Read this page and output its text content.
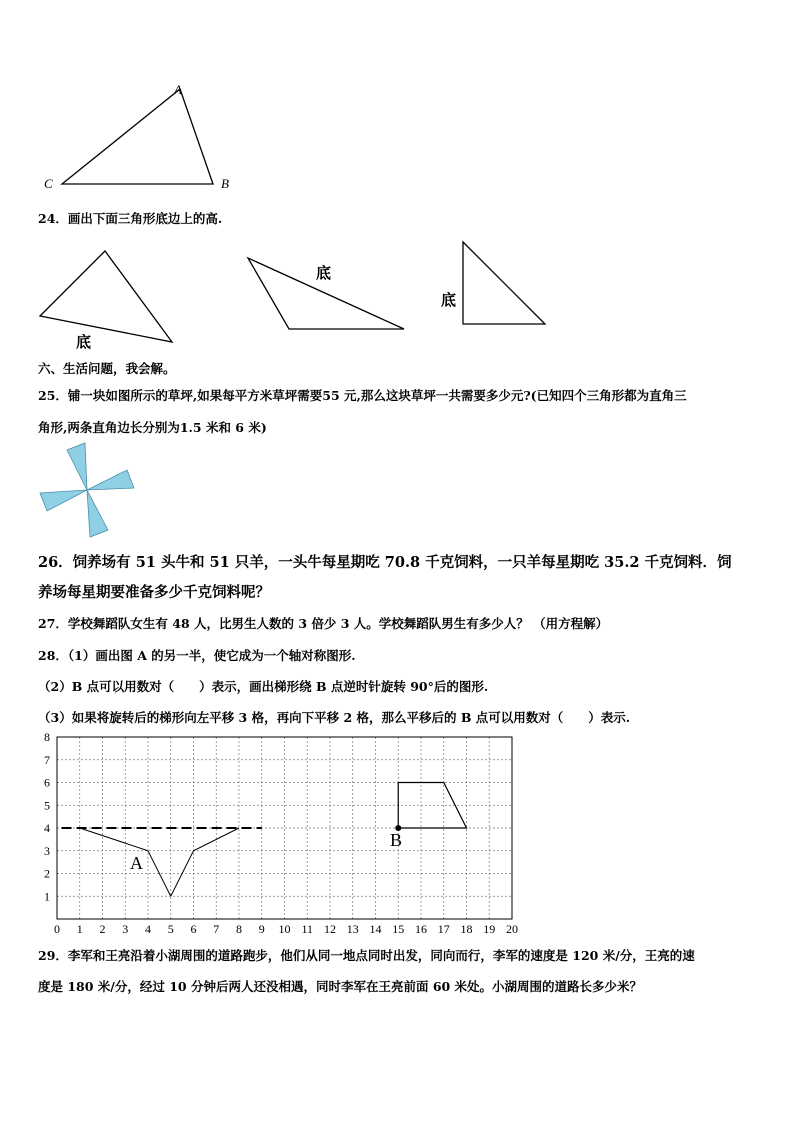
A
C	B
24．画出下面三角形底边上的高.
底
底
底
六、生活问题，我会解。
25．铺一块如图所示的草坪,如果每平方米草坪需要55 元,那么这块草坪一共需要多少元?(已知四个三角形都为直角三
角形,两条直角边长分别为1.5 米和 6 米)
26．饲养场有 51 头牛和 51 只羊，一头牛每星期吃 70.8 千克饲料，一只羊每星期吃 35.2 千克饲料．饲
养场每星期要准备多少千克饲料呢？
27．学校舞蹈队女生有 48 人，比男生人数的 3 倍少 3 人。学校舞蹈队男生有多少人？ （用方程解）
28．（1）画出图 A 的另一半，使它成为一个轴对称图形.
（2）B 点可以用数对（　　）表示，画出梯形绕 B 点逆时针旋转 90°后的图形.
（3）如果将旋转后的梯形向左平移 3 格，再向下平移 2 格，那么平移后的 B 点可以用数对（　　）表示.
0 1 2 3 4 5 6 7 8 9 10 11 12 13 14 15 16 17 18 19 20
1
2
3
4
5
6
7
8
A
B
29．李军和王亮沿着小湖周围的道路跑步，他们从同一地点同时出发，同向而行，李军的速度是 120 米/分，王亮的速
度是 180 米/分，经过 10 分钟后两人还没相遇，同时李军在王亮前面 60 米处。小湖周围的道路长多少米？
